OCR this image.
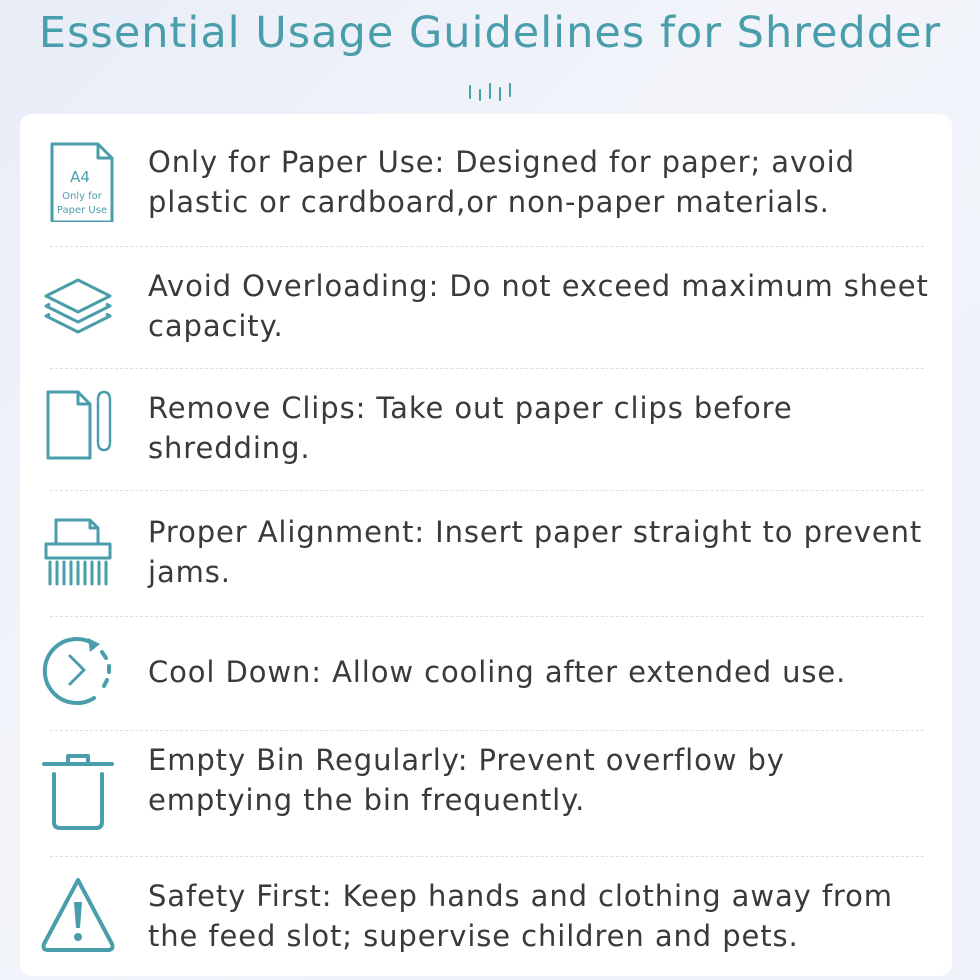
Essential Usage Guidelines for Shredder
A4
Only for
Paper Use
Only for Paper Use: Designed for paper; avoid plastic or cardboard,or non-paper materials.
Avoid Overloading: Do not exceed maximum sheet capacity.
Remove Clips: Take out paper clips before shredding.
Proper Alignment: Insert paper straight to prevent jams.
Cool Down: Allow cooling after extended use.
Empty Bin Regularly: Prevent overflow by emptying the bin frequently.
Safety First: Keep hands and clothing away from the feed slot; supervise children and pets.
